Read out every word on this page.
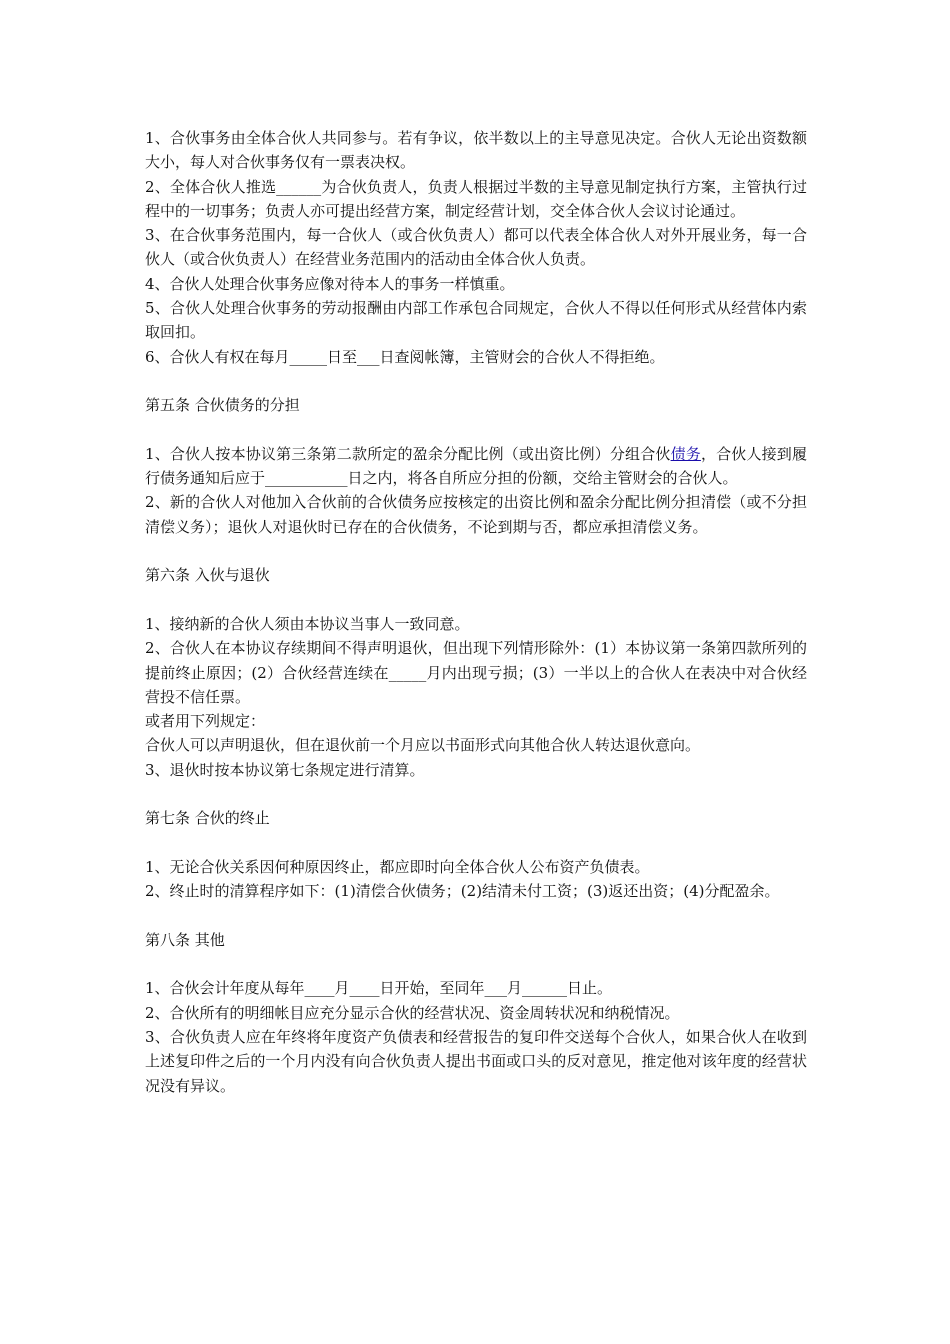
1、合伙事务由全体合伙人共同参与。若有争议，依半数以上的主导意见决定。合伙人无论出资数额大小，每人对合伙事务仅有一票表决权。

2、全体合伙人推选______为合伙负责人，负责人根据过半数的主导意见制定执行方案，主管执行过程中的一切事务；负责人亦可提出经营方案，制定经营计划，交全体合伙人会议讨论通过。

3、在合伙事务范围内，每一合伙人（或合伙负责人）都可以代表全体合伙人对外开展业务，每一合伙人（或合伙负责人）在经营业务范围内的活动由全体合伙人负责。

4、合伙人处理合伙事务应像对待本人的事务一样慎重。

5、合伙人处理合伙事务的劳动报酬由内部工作承包合同规定，合伙人不得以任何形式从经营体内索取回扣。

6、合伙人有权在每月_____日至___日查阅帐簿，主管财会的合伙人不得拒绝。

第五条 合伙债务的分担

1、合伙人按本协议第三条第二款所定的盈余分配比例（或出资比例）分组合伙债务，合伙人接到履行债务通知后应于___________日之内，将各自所应分担的份额，交给主管财会的合伙人。

2、新的合伙人对他加入合伙前的合伙债务应按核定的出资比例和盈余分配比例分担清偿（或不分担清偿义务）；退伙人对退伙时已存在的合伙债务，不论到期与否，都应承担清偿义务。

第六条 入伙与退伙

1、接纳新的合伙人须由本协议当事人一致同意。

2、合伙人在本协议存续期间不得声明退伙，但出现下列情形除外：(1）本协议第一条第四款所列的提前终止原因；(2）合伙经营连续在_____月内出现亏损；(3）一半以上的合伙人在表决中对合伙经营投不信任票。

或者用下列规定：

合伙人可以声明退伙，但在退伙前一个月应以书面形式向其他合伙人转达退伙意向。

3、退伙时按本协议第七条规定进行清算。

第七条 合伙的终止

1、无论合伙关系因何种原因终止，都应即时向全体合伙人公布资产负债表。

2、终止时的清算程序如下：(1)清偿合伙债务；(2)结清未付工资；(3)返还出资；(4)分配盈余。

第八条 其他

1、合伙会计年度从每年____月____日开始，至同年___月______日止。

2、合伙所有的明细帐目应充分显示合伙的经营状况、资金周转状况和纳税情况。

3、合伙负责人应在年终将年度资产负债表和经营报告的复印件交送每个合伙人，如果合伙人在收到上述复印件之后的一个月内没有向合伙负责人提出书面或口头的反对意见，推定他对该年度的经营状况没有异议。
